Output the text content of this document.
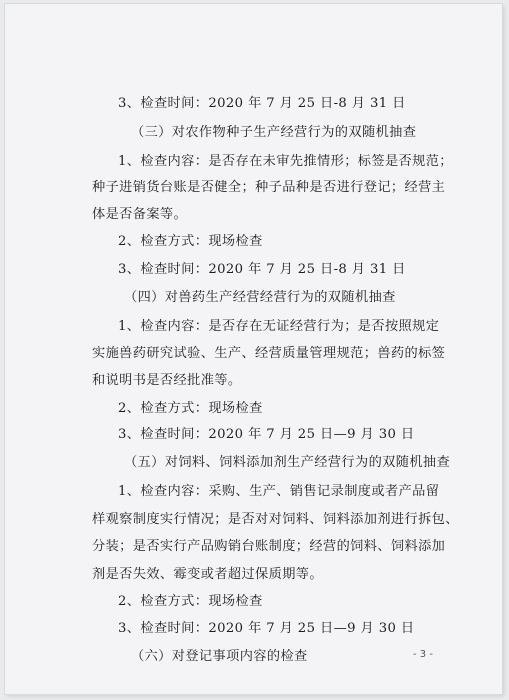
3、检查时间：2020 年 7 月 25 日-8 月 31 日
（三）对农作物种子生产经营行为的双随机抽查
1、检查内容：是否存在未审先推情形；标签是否规范；
种子进销货台账是否健全；种子品种是否进行登记；经营主
体是否备案等。
2、检查方式：现场检查
3、检查时间：2020 年 7 月 25 日-8 月 31 日
（四）对兽药生产经营经营行为的双随机抽查
1、检查内容：是否存在无证经营行为；是否按照规定
实施兽药研究试验、生产、经营质量管理规范；兽药的标签
和说明书是否经批准等。
2、检查方式：现场检查
3、检查时间：2020 年 7 月 25 日—9 月 30 日
（五）对饲料、饲料添加剂生产经营行为的双随机抽查
1、检查内容：采购、生产、销售记录制度或者产品留
样观察制度实行情况；是否对对饲料、饲料添加剂进行拆包、
分装；是否实行产品购销台账制度；经营的饲料、饲料添加
剂是否失效、霉变或者超过保质期等。
2、检查方式：现场检查
3、检查时间：2020 年 7 月 25 日—9 月 30 日
（六）对登记事项内容的检查	- 3 -
